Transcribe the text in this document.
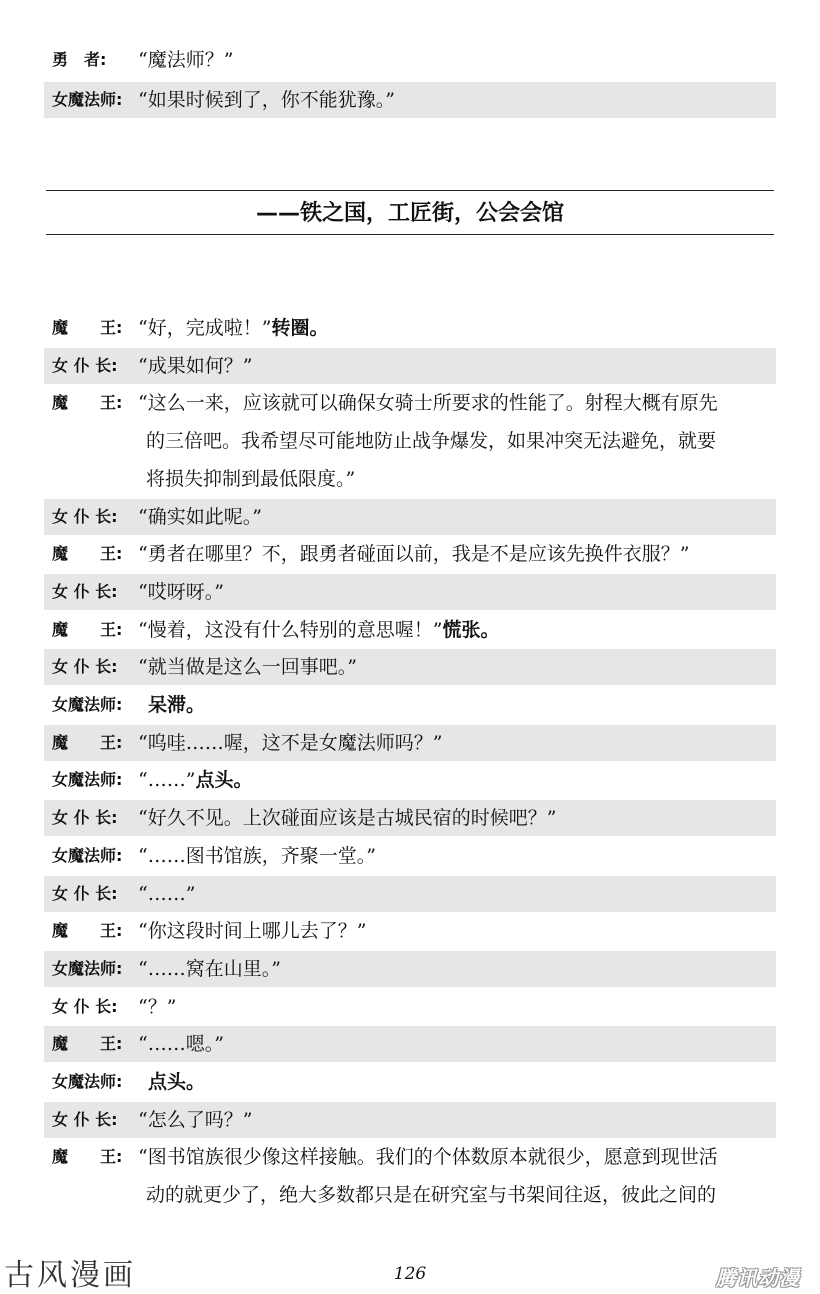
勇　者:	“魔法师？”
女魔法师: “如果时候到了，你不能犹豫。”
——铁之国，工匠街，公会会馆
魔　　王: “好，完成啦！”转圈。
女 仆 长:	“成果如何？”
魔　　王: “这么一来，应该就可以确保女骑士所要求的性能了。射程大概有原先
的三倍吧。我希望尽可能地防止战争爆发，如果冲突无法避免，就要
将损失抑制到最低限度。”
女 仆 长:	“确实如此呢。”
魔　　王: “勇者在哪里？不，跟勇者碰面以前，我是不是应该先换件衣服？”
女 仆 长:	“哎呀呀。”
魔　　王: “慢着，这没有什么特别的意思喔！”慌张。
女 仆 长:	“就当做是这么一回事吧。”
女魔法师:	呆滞。
魔　　王: “呜哇……喔，这不是女魔法师吗？”
女魔法师: “……”点头。
女 仆 长:	“好久不见。上次碰面应该是古城民宿的时候吧？”
女魔法师: “……图书馆族，齐聚一堂。”
女 仆 长:	“……”
魔　　王: “你这段时间上哪儿去了？”
女魔法师: “……窝在山里。”
女 仆 长:	“？”
魔　　王: “……嗯。”
女魔法师:	点头。
女 仆 长:	“怎么了吗？”
魔　　王: “图书馆族很少像这样接触。我们的个体数原本就很少，愿意到现世活
动的就更少了，绝大多数都只是在研究室与书架间往返，彼此之间的
古风漫画	126	腾讯动漫
